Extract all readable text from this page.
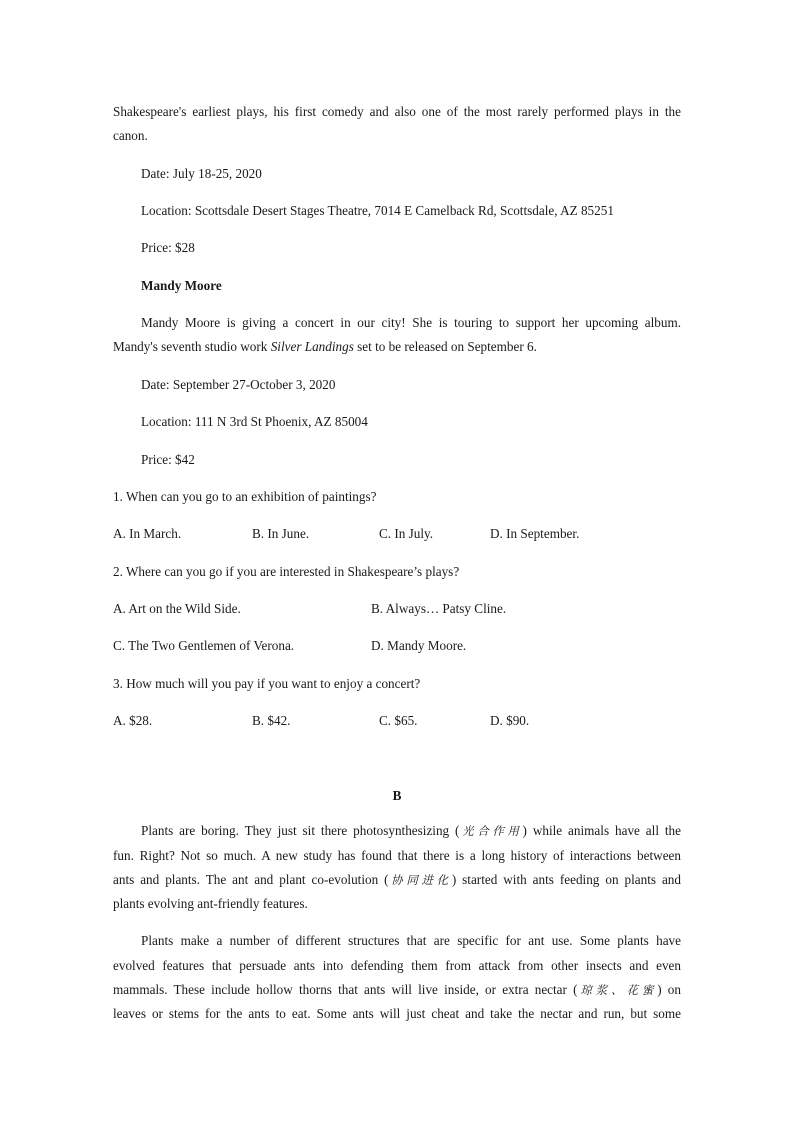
Shakespeare's earliest plays, his first comedy and also one of the most rarely performed plays in the
canon.
Date: July 18-25, 2020
Location: Scottsdale Desert Stages Theatre, 7014 E Camelback Rd, Scottsdale, AZ 85251
Price: $28
Mandy Moore
Mandy Moore is giving a concert in our city! She is touring to support her upcoming album.
Mandy's seventh studio work Silver Landings set to be released on September 6.
Date: September 27-October 3, 2020
Location: 111 N 3rd St Phoenix, AZ 85004
Price: $42
1. When can you go to an exhibition of paintings?
A. In March.	B. In June.	C. In July.	D. In September.
2. Where can you go if you are interested in Shakespeare’s plays?
A. Art on the Wild Side.	B. Always… Patsy Cline.
C. The Two Gentlemen of Verona.	D. Mandy Moore.
3. How much will you pay if you want to enjoy a concert?
A. $28.	B. $42.	C. $65.	D. $90.
B
Plants are boring. They just sit there photosynthesizing (光合作用) while animals have all the
fun. Right? Not so much. A new study has found that there is a long history of interactions between
ants and plants. The ant and plant co-evolution (协同进化) started with ants feeding on plants and
plants evolving ant-friendly features.
Plants make a number of different structures that are specific for ant use. Some plants have
evolved features that persuade ants into defending them from attack from other insects and even
mammals. These include hollow thorns that ants will live inside, or extra nectar (琼浆、花蜜) on
leaves or stems for the ants to eat. Some ants will just cheat and take the nectar and run, but some
